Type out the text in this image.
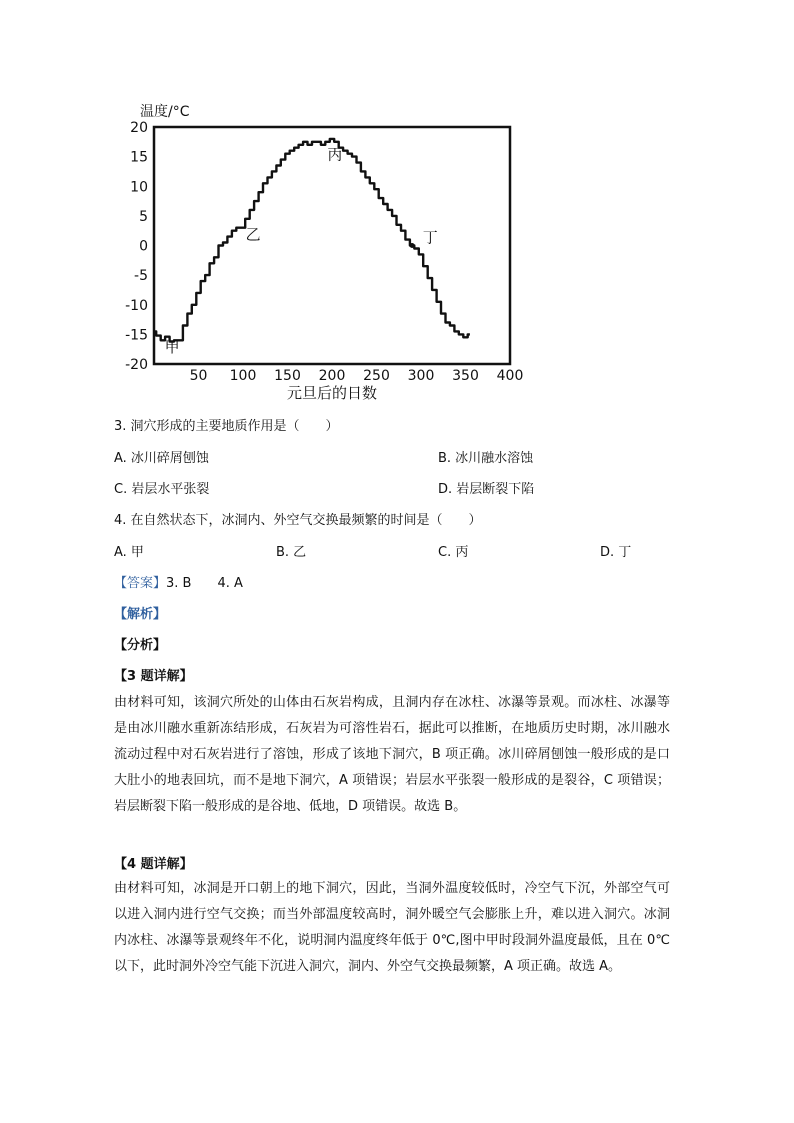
温度/°C
20
15
10
5
0
-5
-10
-15
-20
50 100 150 200 250 300 350 400
甲
乙
丙
丁
元旦后的日数
3. 洞穴形成的主要地质作用是（　　）
A. 冰川碎屑刨蚀	B. 冰川融水溶蚀
C. 岩层水平张裂	D. 岩层断裂下陷
4. 在自然状态下，冰洞内、外空气交换最频繁的时间是（　　）
A. 甲	B. 乙	C. 丙	D. 丁
【答案】3. B　　4. A
【解析】
【分析】
【3 题详解】
由材料可知，该洞穴所处的山体由石灰岩构成，且洞内存在冰柱、冰瀑等景观。而冰柱、冰瀑等是由冰川融水重新冻结形成，石灰岩为可溶性岩石，据此可以推断，在地质历史时期，冰川融水流动过程中对石灰岩进行了溶蚀，形成了该地下洞穴，B 项正确。冰川碎屑刨蚀一般形成的是口大肚小的地表回坑，而不是地下洞穴，A 项错误；岩层水平张裂一般形成的是裂谷，C 项错误；岩层断裂下陷一般形成的是谷地、低地，D 项错误。故选 B。
【4 题详解】
由材料可知，冰洞是开口朝上的地下洞穴，因此，当洞外温度较低时，冷空气下沉，外部空气可以进入洞内进行空气交换；而当外部温度较高时，洞外暖空气会膨胀上升，难以进入洞穴。冰洞内冰柱、冰瀑等景观终年不化，说明洞内温度终年低于 0℃,图中甲时段洞外温度最低，且在 0℃以下，此时洞外冷空气能下沉进入洞穴，洞内、外空气交换最频繁，A 项正确。故选 A。
